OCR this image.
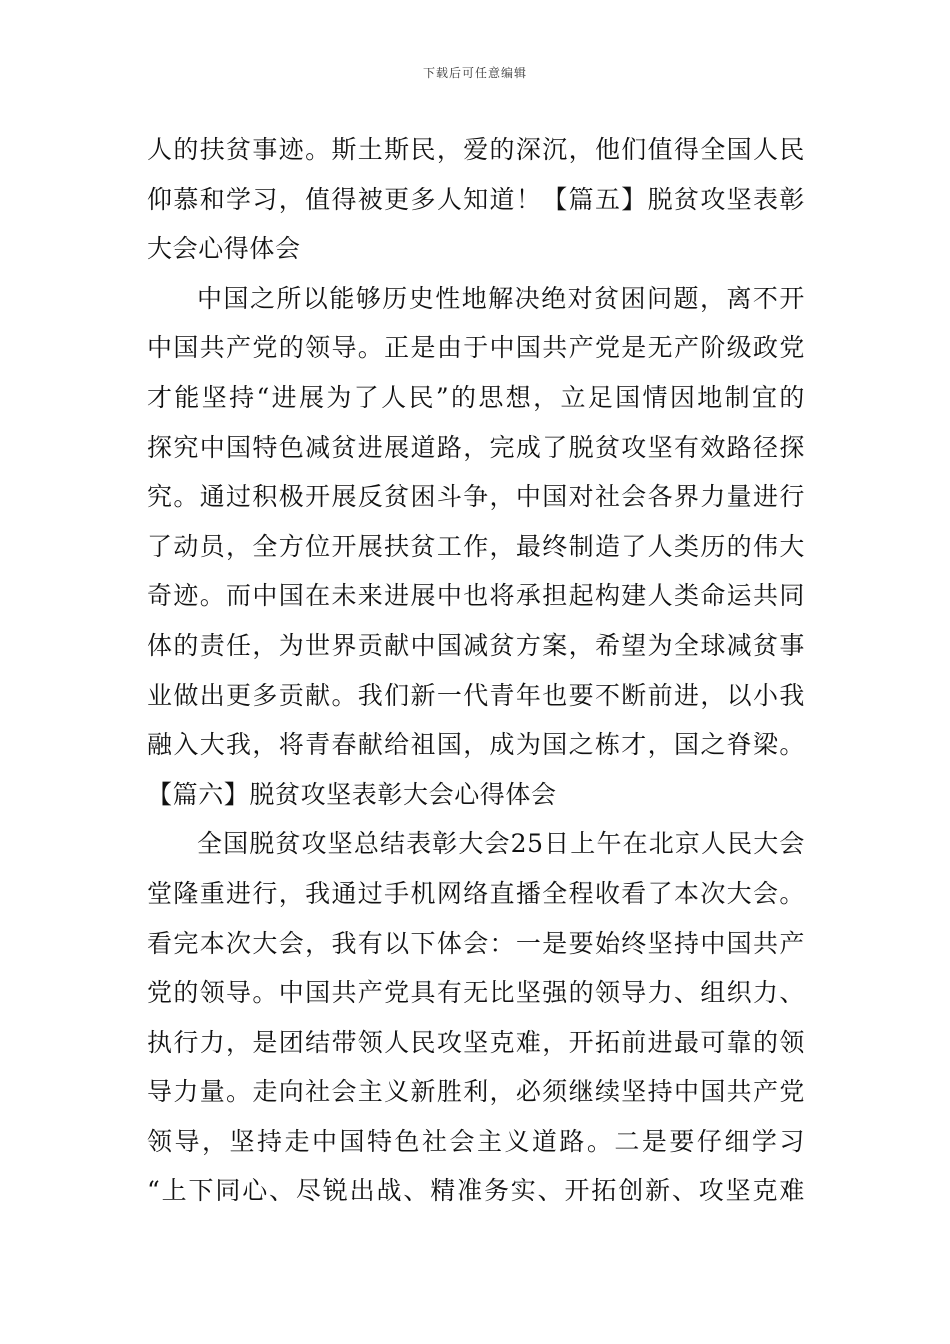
下载后可任意编辑
人的扶贫事迹。斯土斯民，爱的深沉，他们值得全国人民
仰慕和学习，值得被更多人知道！【篇五】脱贫攻坚表彰
大会心得体会
中国之所以能够历史性地解决绝对贫困问题，离不开
中国共产党的领导。正是由于中国共产党是无产阶级政党
才能坚持“进展为了人民”的思想，立足国情因地制宜的
探究中国特色减贫进展道路，完成了脱贫攻坚有效路径探
究。通过积极开展反贫困斗争，中国对社会各界力量进行
了动员，全方位开展扶贫工作，最终制造了人类历的伟大
奇迹。而中国在未来进展中也将承担起构建人类命运共同
体的责任，为世界贡献中国减贫方案，希望为全球减贫事
业做出更多贡献。我们新一代青年也要不断前进，以小我
融入大我，将青春献给祖国，成为国之栋才，国之脊梁。
【篇六】脱贫攻坚表彰大会心得体会
全国脱贫攻坚总结表彰大会25日上午在北京人民大会
堂隆重进行，我通过手机网络直播全程收看了本次大会。
看完本次大会，我有以下体会：一是要始终坚持中国共产
党的领导。中国共产党具有无比坚强的领导力、组织力、
执行力，是团结带领人民攻坚克难，开拓前进最可靠的领
导力量。走向社会主义新胜利，必须继续坚持中国共产党
领导，坚持走中国特色社会主义道路。二是要仔细学习
“上下同心、尽锐出战、精准务实、开拓创新、攻坚克难
